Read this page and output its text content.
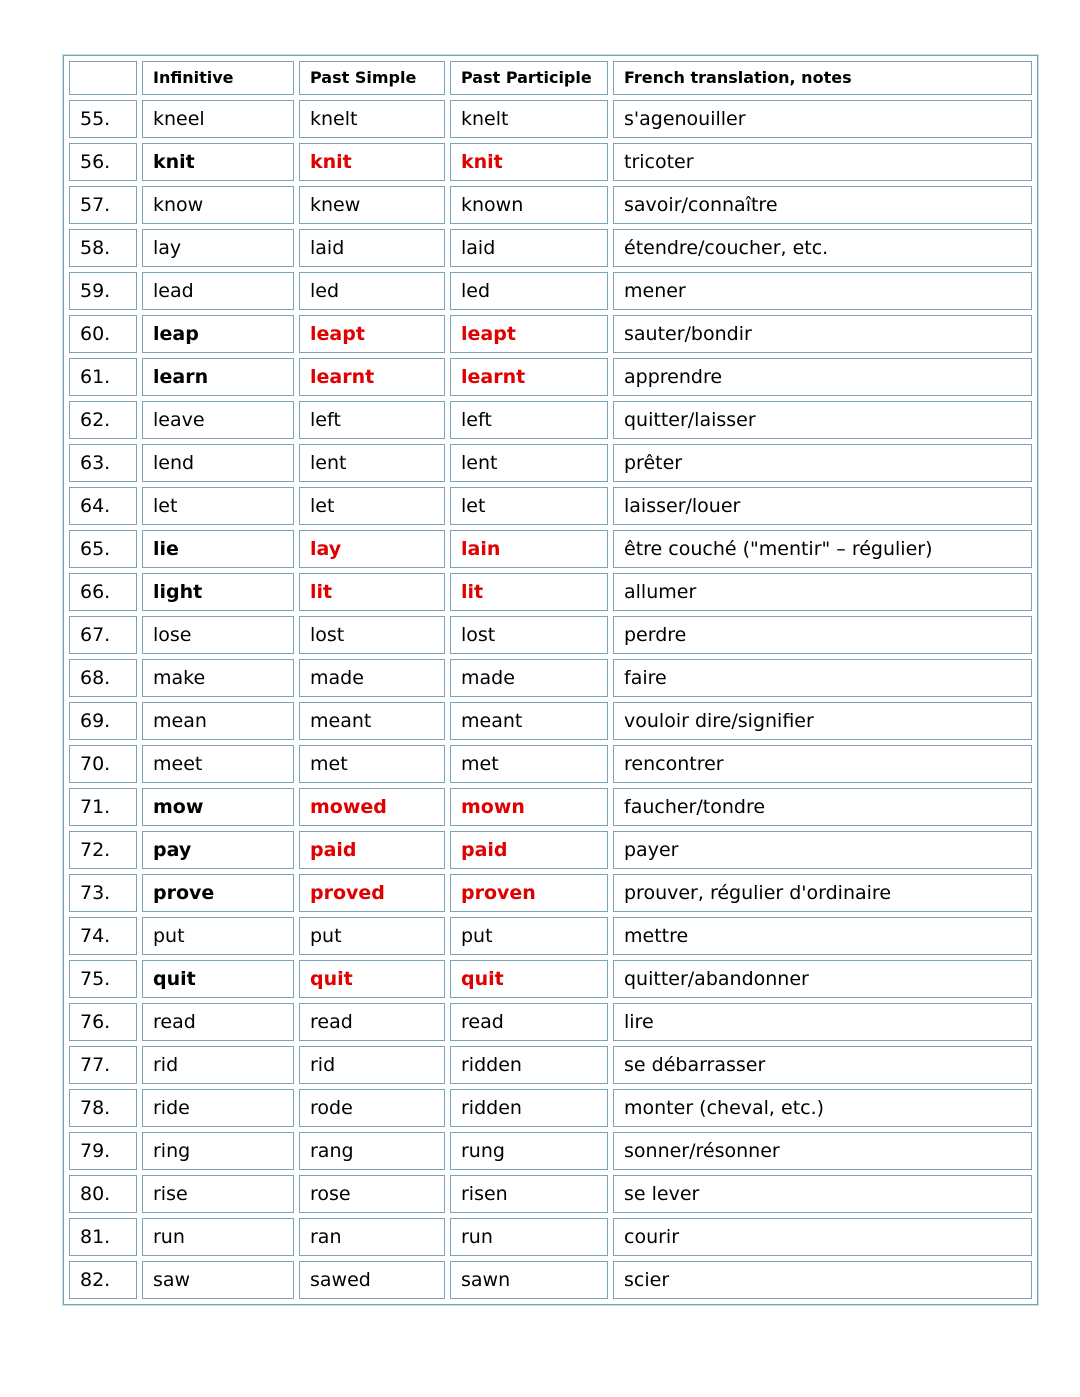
	Infinitive	Past Simple	Past Participle	French translation, notes
55.	kneel	knelt	knelt	s'agenouiller
56.	knit	knit	knit	tricoter
57.	know	knew	known	savoir/connaître
58.	lay	laid	laid	étendre/coucher, etc.
59.	lead	led	led	mener
60.	leap	leapt	leapt	sauter/bondir
61.	learn	learnt	learnt	apprendre
62.	leave	left	left	quitter/laisser
63.	lend	lent	lent	prêter
64.	let	let	let	laisser/louer
65.	lie	lay	lain	être couché ("mentir" – régulier)
66.	light	lit	lit	allumer
67.	lose	lost	lost	perdre
68.	make	made	made	faire
69.	mean	meant	meant	vouloir dire/signifier
70.	meet	met	met	rencontrer
71.	mow	mowed	mown	faucher/tondre
72.	pay	paid	paid	payer
73.	prove	proved	proven	prouver, régulier d'ordinaire
74.	put	put	put	mettre
75.	quit	quit	quit	quitter/abandonner
76.	read	read	read	lire
77.	rid	rid	ridden	se débarrasser
78.	ride	rode	ridden	monter (cheval, etc.)
79.	ring	rang	rung	sonner/résonner
80.	rise	rose	risen	se lever
81.	run	ran	run	courir
82.	saw	sawed	sawn	scier
